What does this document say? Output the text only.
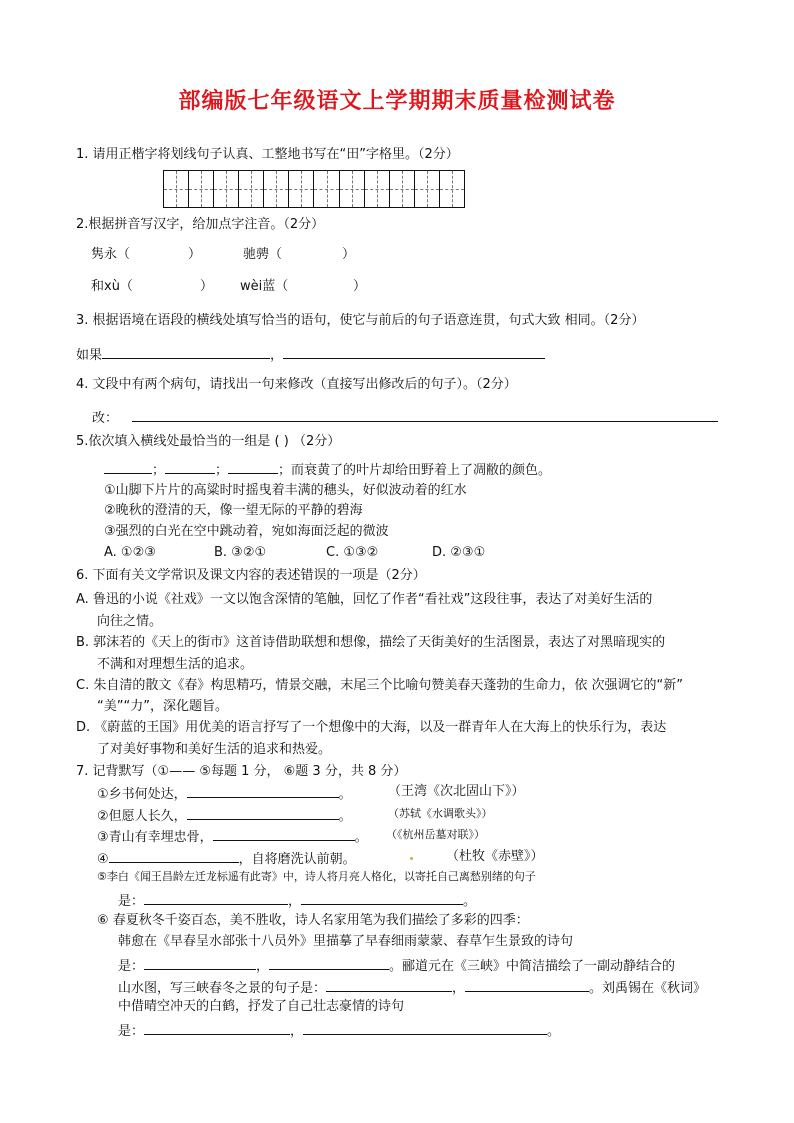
部编版七年级语文上学期期末质量检测试卷
1. 请用正楷字将划线句子认真、工整地书写在“田”字格里。（2分）
2.根据拼音写汉字，给加点字注音。（2分）
隽永（	）	驰骋（	）
和xù（	） wèi蓝（	）
3. 根据语境在语段的横线处填写恰当的语句，使它与前后的句子语意连贯，句式大致 相同。（2分）
如果	，
4. 文段中有两个病句，请找出一句来修改（直接写出修改后的句子）。（2分）
改：
5.依次填入横线处最恰当的一组是 ( ) （2分）
；	；	；而衰黄了的叶片却给田野着上了凋敝的颜色。
①山脚下片片的高粱时时摇曳着丰满的穗头，好似波动着的红水
②晚秋的澄清的天，像一望无际的平静的碧海
③强烈的白光在空中跳动着，宛如海面泛起的微波
A. ①②③	B. ③②①	C. ①③②	D. ②③①
6. 下面有关文学常识及课文内容的表述错误的一项是（2分）
A. 鲁迅的小说《社戏》一文以饱含深情的笔触，回忆了作者“看社戏”这段往事，表达了对美好生活的
向往之情。
B. 郭沫若的《天上的街市》这首诗借助联想和想像，描绘了天街美好的生活图景，表达了对黑暗现实的
不满和对理想生活的追求。
C. 朱自清的散文《春》构思精巧，情景交融，末尾三个比喻句赞美春天蓬勃的生命力，依 次强调它的“新”
“美”“力”，深化题旨。
D. 《蔚蓝的王国》用优美的语言抒写了一个想像中的大海，以及一群青年人在大海上的快乐行为，表达
了对美好事物和美好生活的追求和热爱。
7. 记背默写（①—— ⑤每题 1 分， ⑥题 3 分，共 8 分）
①乡书何处达，	。	（王湾《次北固山下》）
②但愿人长久，	。	（苏轼《水调歌头》）
③青山有幸埋忠骨，	。 （《杭州岳墓对联》）
④	，自将磨洗认前朝。	（杜牧《赤壁》）
⑤李白《闻王昌龄左迁龙标遥有此寄》中，诗人将月亮人格化，以寄托自己离愁别绪的句子
是：	，	。
⑥ 春夏秋冬千姿百态，美不胜收，诗人名家用笔为我们描绘了多彩的四季：
韩愈在《早春呈水部张十八员外》里描摹了早春细雨蒙蒙、春草乍生景致的诗句
是：	，	。郦道元在《三峡》中简洁描绘了一副动静结合的
山水图，写三峡春冬之景的句子是：	，	。刘禹锡在《秋词》
中借晴空冲天的白鹤，抒发了自己壮志豪情的诗句
是：	，	。
